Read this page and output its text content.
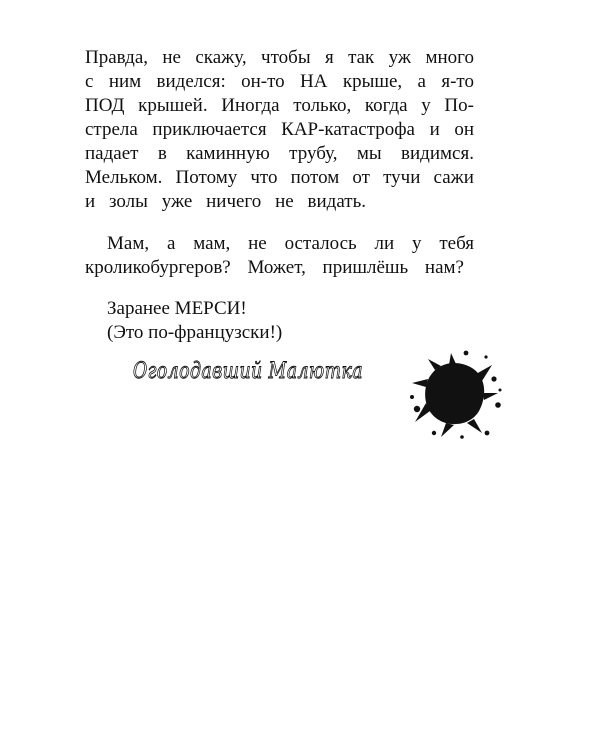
Правда, не скажу, чтобы я так уж много
с ним виделся: он-то НА крыше, а я-то
ПОД крышей. Иногда только, когда у По-
стрела приключается КАР-катастрофа и он
падает в каминную трубу, мы видимся.
Мельком. Потому что потом от тучи сажи
и золы уже ничего не видать.
Мам, а мам, не осталось ли у тебя
кроликобургеров? Может, пришлёшь нам?
Заранее МЕРСИ!
(Это по-французски!)
Оголодавший Малютка
